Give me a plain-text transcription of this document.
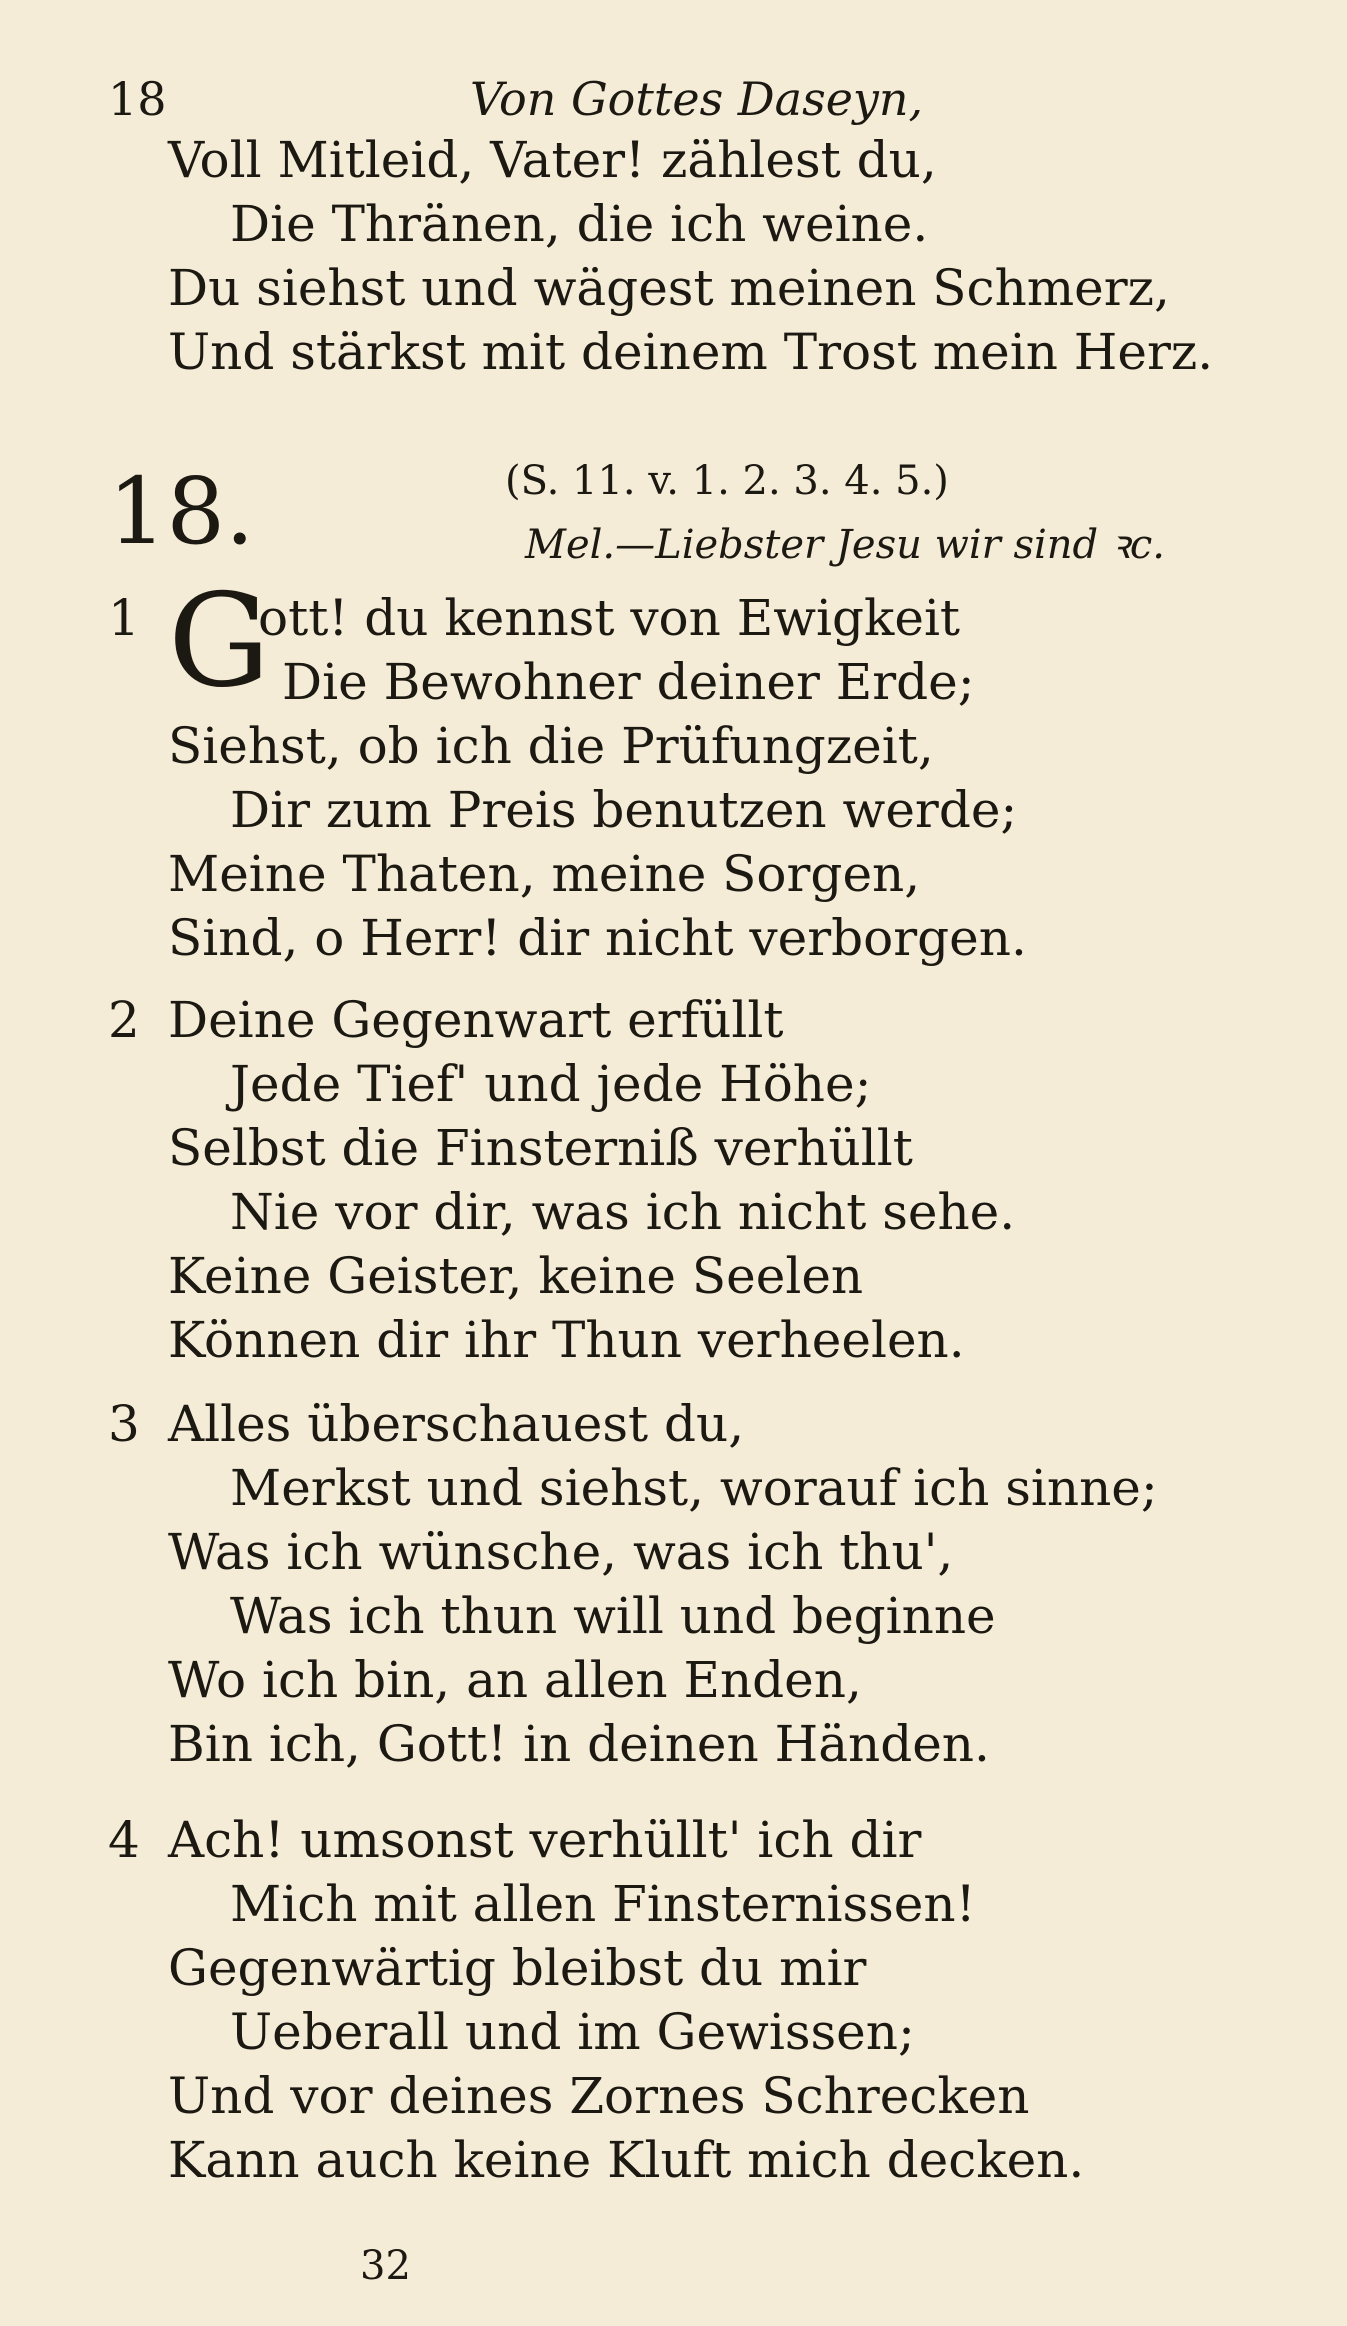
18	Von Gottes Daseyn,
Voll Mitleid, Vater! zählest du,
Die Thränen, die ich weine.
Du siehst und wägest meinen Schmerz,
Und stärkst mit deinem Trost mein Herz.
18.	(S. 11. v. 1. 2. 3. 4. 5.)
Mel.—Liebster Jesu wir sind ꝛc.
1 G
ott! du kennst von Ewigkeit
Die Bewohner deiner Erde;
Siehst, ob ich die Prüfungzeit,
Dir zum Preis benutzen werde;
Meine Thaten, meine Sorgen,
Sind, o Herr! dir nicht verborgen.
2 Deine Gegenwart erfüllt
Jede Tief' und jede Höhe;
Selbst die Finsterniß verhüllt
Nie vor dir, was ich nicht sehe.
Keine Geister, keine Seelen
Können dir ihr Thun verheelen.
3 Alles überschauest du,
Merkst und siehst, worauf ich sinne;
Was ich wünsche, was ich thu',
Was ich thun will und beginne
Wo ich bin, an allen Enden,
Bin ich, Gott! in deinen Händen.
4 Ach! umsonst verhüllt' ich dir
Mich mit allen Finsternissen!
Gegenwärtig bleibst du mir
Ueberall und im Gewissen;
Und vor deines Zornes Schrecken
Kann auch keine Kluft mich decken.
32
